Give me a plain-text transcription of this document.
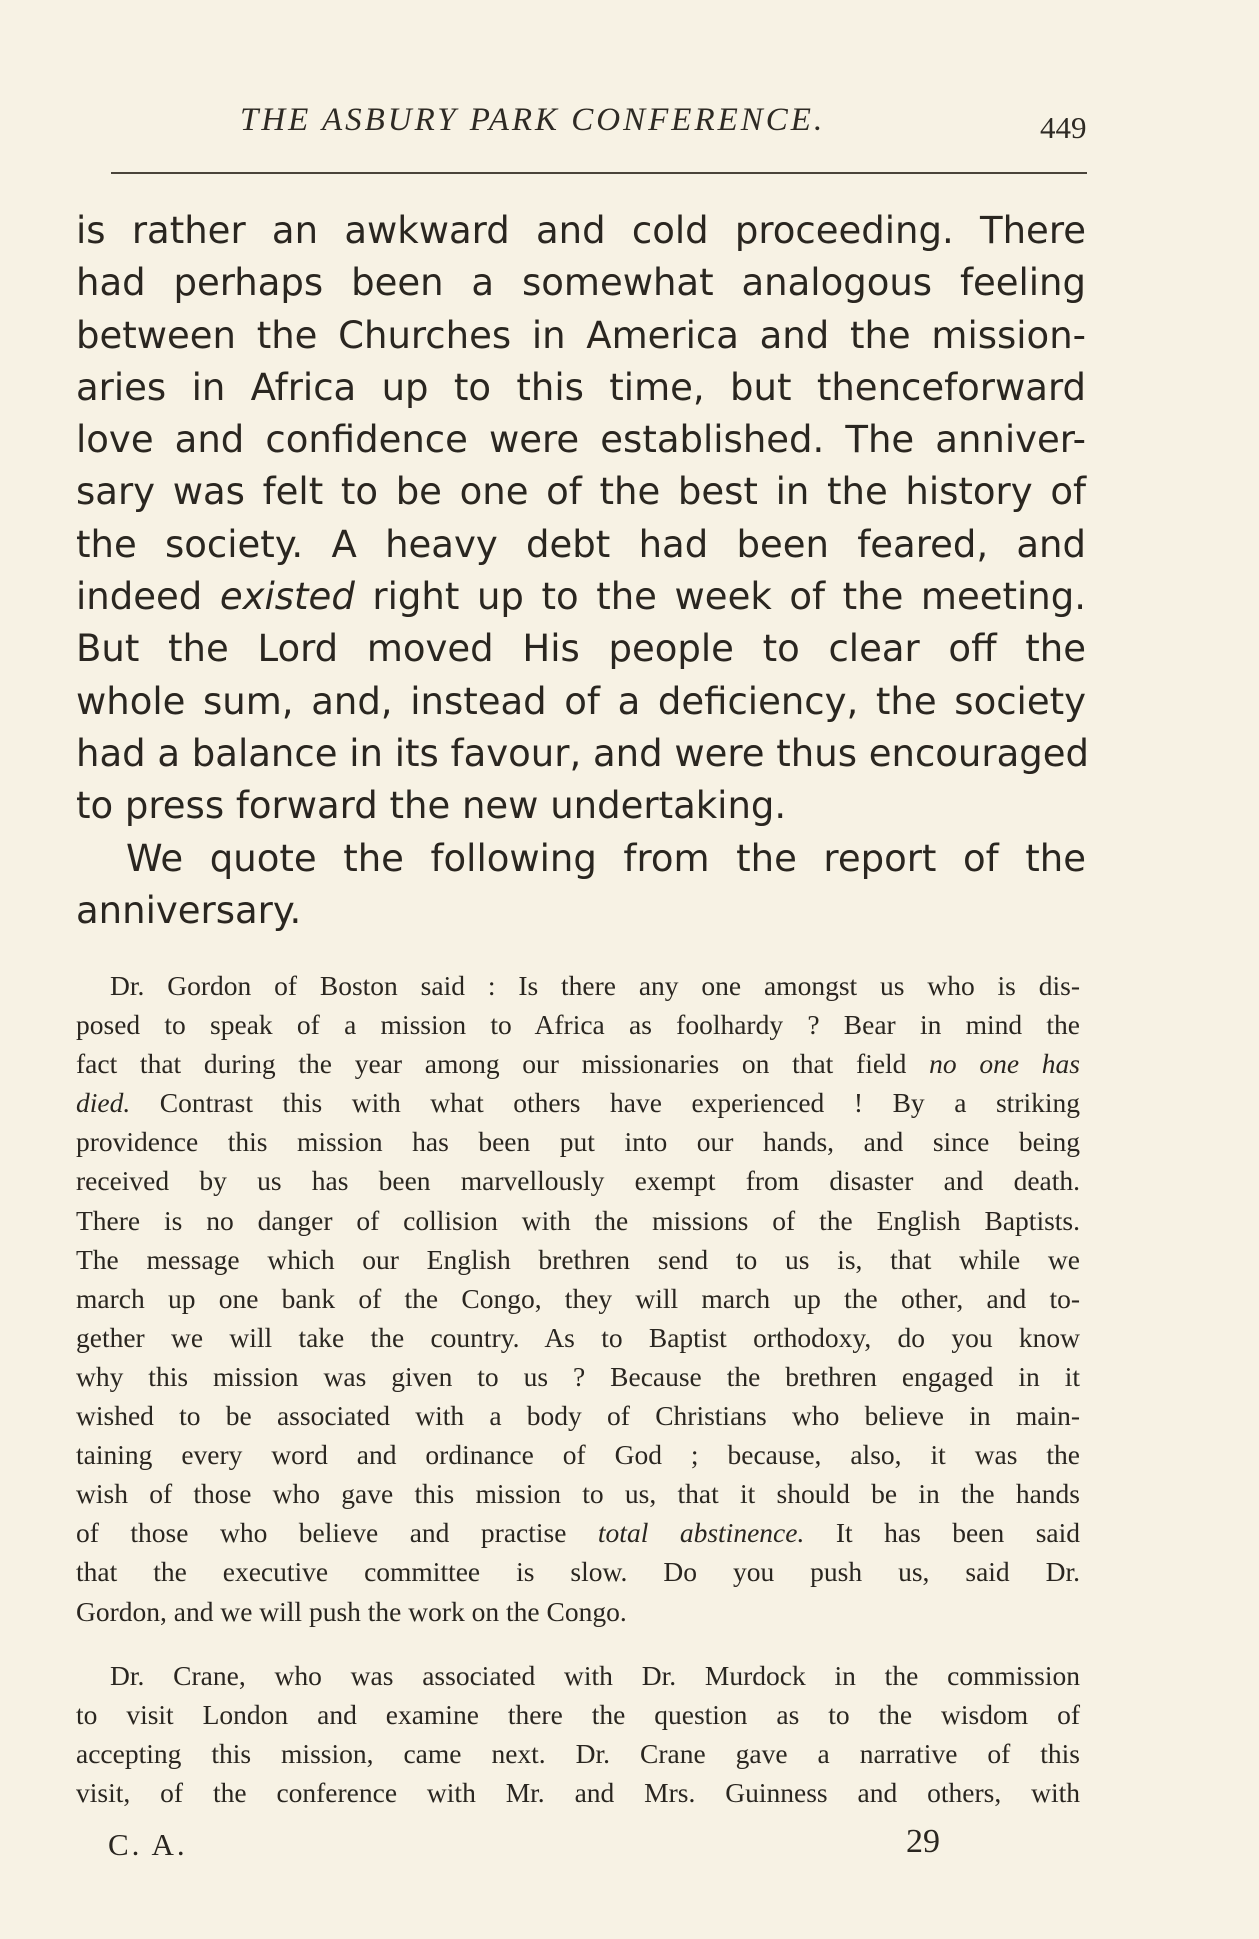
THE ASBURY PARK CONFERENCE.	449

is rather an awkward and cold proceeding. There
had perhaps been a somewhat analogous feeling
between the Churches in America and the mission-
aries in Africa up to this time, but thenceforward
love and confidence were established. The anniver-
sary was felt to be one of the best in the history of
the society. A heavy debt had been feared, and
indeed existed right up to the week of the meeting.
But the Lord moved His people to clear off the
whole sum, and, instead of a deficiency, the society
had a balance in its favour, and were thus encouraged
to press forward the new undertaking.

We quote the following from the report of the
anniversary.

Dr. Gordon of Boston said : Is there any one amongst us who is dis-
posed to speak of a mission to Africa as foolhardy ? Bear in mind the
fact that during the year among our missionaries on that field no one has
died. Contrast this with what others have experienced ! By a striking
providence this mission has been put into our hands, and since being
received by us has been marvellously exempt from disaster and death.
There is no danger of collision with the missions of the English Baptists.
The message which our English brethren send to us is, that while we
march up one bank of the Congo, they will march up the other, and to-
gether we will take the country. As to Baptist orthodoxy, do you know
why this mission was given to us ? Because the brethren engaged in it
wished to be associated with a body of Christians who believe in main-
taining every word and ordinance of God ; because, also, it was the
wish of those who gave this mission to us, that it should be in the hands
of those who believe and practise total abstinence. It has been said
that the executive committee is slow. Do you push us, said Dr.
Gordon, and we will push the work on the Congo.
Dr. Crane, who was associated with Dr. Murdock in the commission
to visit London and examine there the question as to the wisdom of
accepting this mission, came next. Dr. Crane gave a narrative of this
visit, of the conference with Mr. and Mrs. Guinness and others, with
C. A.	29
